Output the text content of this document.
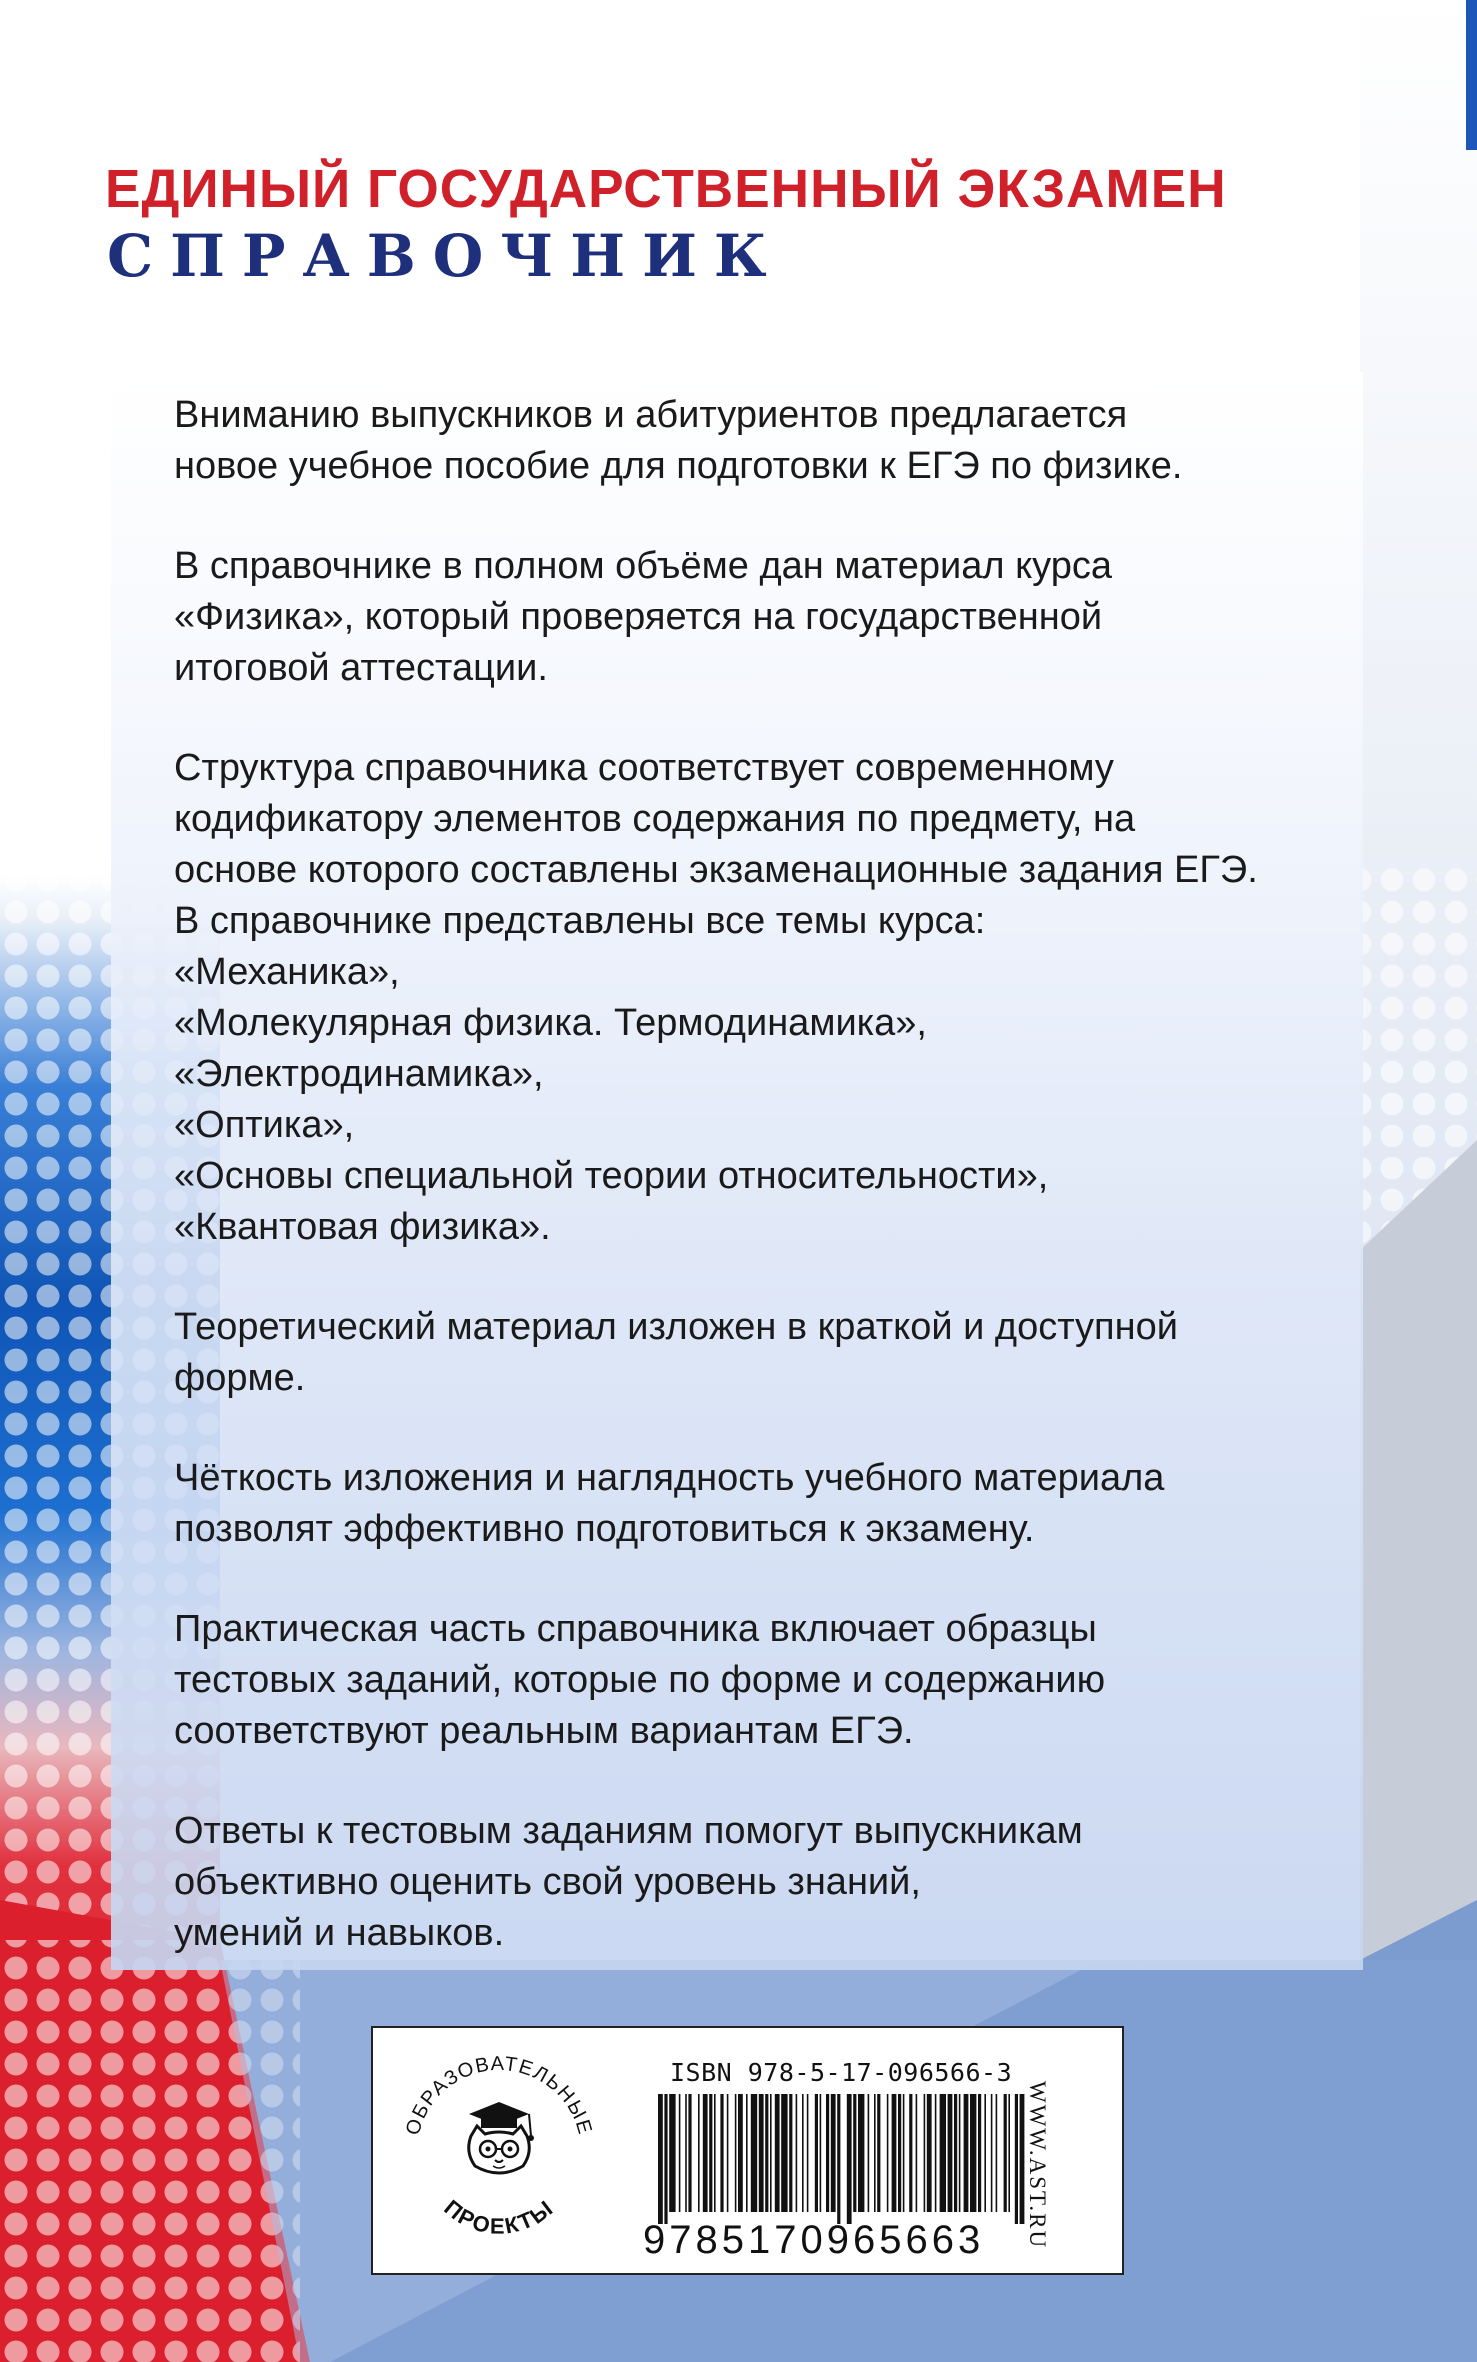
ЕДИНЫЙ ГОСУДАРСТВЕННЫЙ ЭКЗАМЕН
СПРАВОЧНИК

Вниманию выпускников и абитуриентов предлагается
новое учебное пособие для подготовки к ЕГЭ по физике.

В справочнике в полном объёме дан материал курса
«Физика», который проверяется на государственной
итоговой аттестации.

Структура справочника соответствует современному
кодификатору элементов содержания по предмету, на
основе которого составлены экзаменационные задания ЕГЭ.
В справочнике представлены все темы курса:
«Механика»,
«Молекулярная физика. Термодинамика»,
«Электродинамика»,
«Оптика»,
«Основы специальной теории относительности»,
«Квантовая физика».

Теоретический материал изложен в краткой и доступной
форме.

Чёткость изложения и наглядность учебного материала
позволят эффективно подготовиться к экзамену.

Практическая часть справочника включает образцы
тестовых заданий, которые по форме и содержанию
соответствуют реальным вариантам ЕГЭ.

Ответы к тестовым заданиям помогут выпускникам
объективно оценить свой уровень знаний,
умений и навыков.

ОБРАЗОВАТЕЛЬНЫЕ
ПРОЕКТЫ
ISBN 978-5-17-096566-3
9785170965663 WWW.AST.RU
